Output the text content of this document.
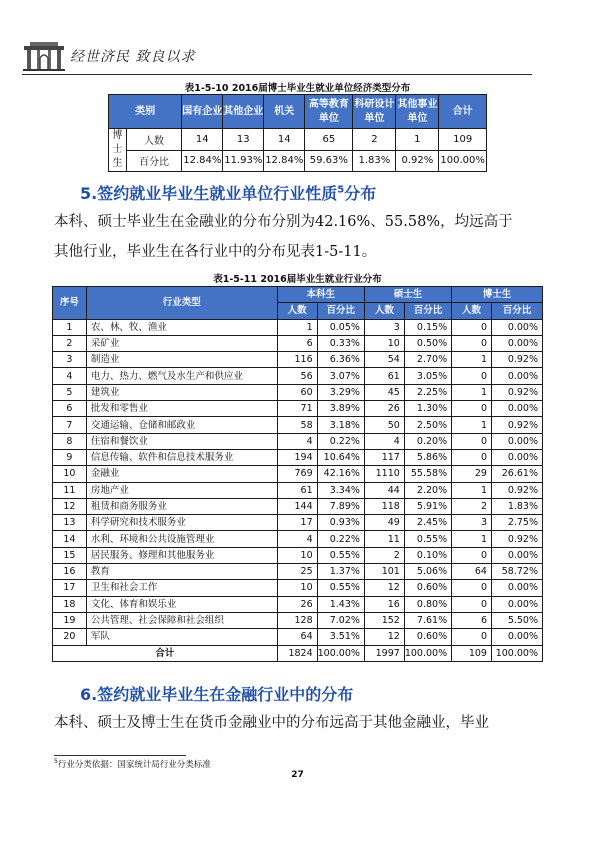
经世济民 致良以求
表1-5-10 2016届博士毕业生就业单位经济类型分布
类别		国有企业	其他企业	机关	高等教育单位	科研设计单位	其他事业单位	合计
博士生	人数	14	13	14	65	2	1	109
	百分比	12.84%	11.93%	12.84%	59.63%	1.83%	0.92%	100.00%
5.签约就业毕业生就业单位行业性质$^5$分布
本科、硕士毕业生在金融业的分布分别为42.16%、55.58%，均远高于
其他行业，毕业生在各行业中的分布见表1-5-11。
表1-5-11 2016届毕业生就业行业分布
序号	行业类型	本科生		硕士生		博士生	
		人数	百分比	人数	百分比	人数	百分比
1	农、林、牧、渔业	1	0.05%	3	0.15%	0	0.00%
2	采矿业	6	0.33%	10	0.50%	0	0.00%
3	制造业	116	6.36%	54	2.70%	1	0.92%
4	电力、热力、燃气及水生产和供应业	56	3.07%	61	3.05%	0	0.00%
5	建筑业	60	3.29%	45	2.25%	1	0.92%
6	批发和零售业	71	3.89%	26	1.30%	0	0.00%
7	交通运输、仓储和邮政业	58	3.18%	50	2.50%	1	0.92%
8	住宿和餐饮业	4	0.22%	4	0.20%	0	0.00%
9	信息传输、软件和信息技术服务业	194	10.64%	117	5.86%	0	0.00%
10	金融业	769	42.16%	1110	55.58%	29	26.61%
11	房地产业	61	3.34%	44	2.20%	1	0.92%
12	租赁和商务服务业	144	7.89%	118	5.91%	2	1.83%
13	科学研究和技术服务业	17	0.93%	49	2.45%	3	2.75%
14	水利、环境和公共设施管理业	4	0.22%	11	0.55%	1	0.92%
15	居民服务、修理和其他服务业	10	0.55%	2	0.10%	0	0.00%
16	教育	25	1.37%	101	5.06%	64	58.72%
17	卫生和社会工作	10	0.55%	12	0.60%	0	0.00%
18	文化、体育和娱乐业	26	1.43%	16	0.80%	0	0.00%
19	公共管理、社会保障和社会组织	128	7.02%	152	7.61%	6	5.50%
20	军队	64	3.51%	12	0.60%	0	0.00%
合计		1824	100.00%	1997	100.00%	109	100.00%
6.签约就业毕业生在金融行业中的分布
本科、硕士及博士生在货币金融业中的分布远高于其他金融业，毕业
$^5$行业分类依据：国家统计局行业分类标准
27
